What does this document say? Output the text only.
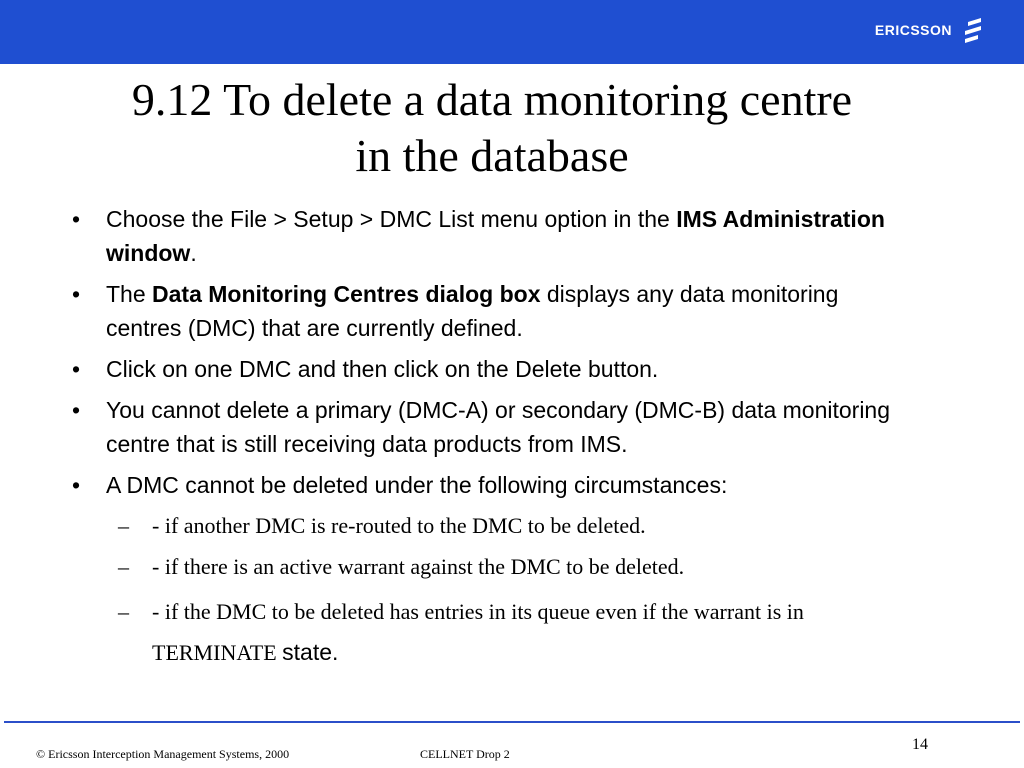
ERICSSON
9.12 To delete a data monitoring centre
in the database
• Choose the File > Setup > DMC List menu option in the IMS Administration window.
• The Data Monitoring Centres dialog box displays any data monitoring centres (DMC) that are currently defined.
• Click on one DMC and then click on the Delete button.
• You cannot delete a primary (DMC-A) or secondary (DMC-B) data monitoring centre that is still receiving data products from IMS.
• A DMC cannot be deleted under the following circumstances:
– - if another DMC is re-routed to the DMC to be deleted.
– - if there is an active warrant against the DMC to be deleted.
– - if the DMC to be deleted has entries in its queue even if the warrant is in TERMINATE state.
14
© Ericsson Interception Management Systems, 2000	CELLNET Drop 2
